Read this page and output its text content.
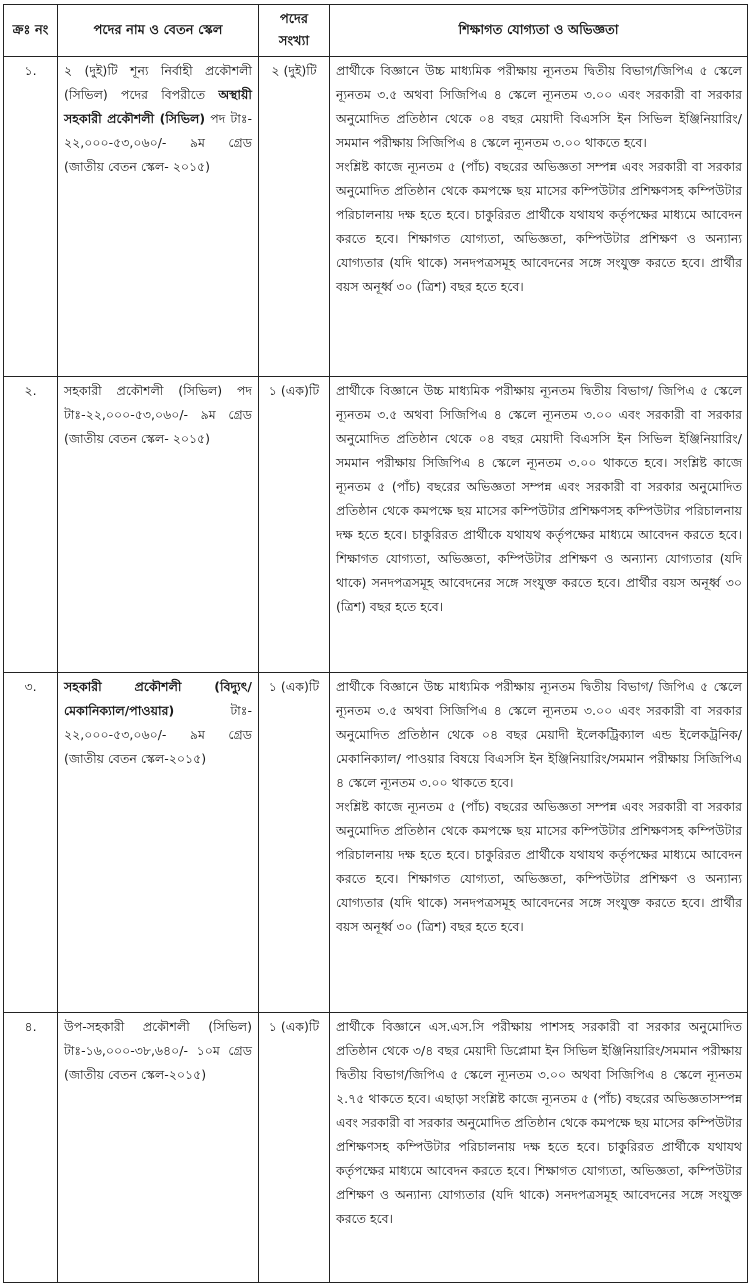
ক্রঃ নং	পদের নাম ও বেতন স্কেল	পদের সংখ্যা	শিক্ষাগত যোগ্যতা ও অভিজ্ঞতা
১.	২ (দুই)টি শূন্য নির্বাহী প্রকৌশলী (সিভিল) পদের বিপরীতে অস্থায়ী সহকারী প্রকৌশলী (সিভিল) পদ টাঃ- ২২,০০০-৫৩,০৬০/- ৯ম গ্রেড (জাতীয় বেতন স্কেল- ২০১৫)	২ (দুই)টি	প্রার্থীকে বিজ্ঞানে উচ্চ মাধ্যমিক পরীক্ষায় ন্যূনতম দ্বিতীয় বিভাগ/জিপিএ ৫ স্কেলে ন্যূনতম ৩.৫ অথবা সিজিপিএ ৪ স্কেলে ন্যূনতম ৩.০০ এবং সরকারী বা সরকার অনুমোদিত প্রতিষ্ঠান থেকে ০৪ বছর মেয়াদী বিএসসি ইন সিভিল ইঞ্জিনিয়ারিং/সমমান পরীক্ষায় সিজিপিএ ৪ স্কেলে ন্যূনতম ৩.০০ থাকতে হবে।
সংশ্লিষ্ট কাজে ন্যূনতম ৫ (পাঁচ) বছরের অভিজ্ঞতা সম্পন্ন এবং সরকারী বা সরকার অনুমোদিত প্রতিষ্ঠান থেকে কমপক্ষে ছয় মাসের কম্পিউটার প্রশিক্ষণসহ কম্পিউটার পরিচালনায় দক্ষ হতে হবে। চাকুরিরত প্রার্থীকে যথাযথ কর্তৃপক্ষের মাধ্যমে আবেদন করতে হবে। শিক্ষাগত যোগ্যতা, অভিজ্ঞতা, কম্পিউটার প্রশিক্ষণ ও অন্যান্য যোগ্যতার (যদি থাকে) সনদপত্রসমূহ আবেদনের সঙ্গে সংযুক্ত করতে হবে। প্রার্থীর বয়স অনূর্ধ্ব ৩০ (ত্রিশ) বছর হতে হবে।

২.	সহকারী প্রকৌশলী (সিভিল) পদ টাঃ-২২,০০০-৫৩,০৬০/- ৯ম গ্রেড (জাতীয় বেতন স্কেল- ২০১৫)	১ (এক)টি	প্রার্থীকে বিজ্ঞানে উচ্চ মাধ্যমিক পরীক্ষায় ন্যূনতম দ্বিতীয় বিভাগ/ জিপিএ ৫ স্কেলে ন্যূনতম ৩.৫ অথবা সিজিপিএ ৪ স্কেলে ন্যূনতম ৩.০০ এবং সরকারী বা সরকার অনুমোদিত প্রতিষ্ঠান থেকে ০৪ বছর মেয়াদী বিএসসি ইন সিভিল ইঞ্জিনিয়ারিং/সমমান পরীক্ষায় সিজিপিএ ৪ স্কেলে ন্যূনতম ৩.০০ থাকতে হবে। সংশ্লিষ্ট কাজে ন্যূনতম ৫ (পাঁচ) বছরের অভিজ্ঞতা সম্পন্ন এবং সরকারী বা সরকার অনুমোদিত প্রতিষ্ঠান থেকে কমপক্ষে ছয় মাসের কম্পিউটার প্রশিক্ষণসহ কম্পিউটার পরিচালনায় দক্ষ হতে হবে। চাকুরিরত প্রার্থীকে যথাযথ কর্তৃপক্ষের মাধ্যমে আবেদন করতে হবে। শিক্ষাগত যোগ্যতা, অভিজ্ঞতা, কম্পিউটার প্রশিক্ষণ ও অন্যান্য যোগ্যতার (যদি থাকে) সনদপত্রসমূহ আবেদনের সঙ্গে সংযুক্ত করতে হবে। প্রার্থীর বয়স অনূর্ধ্ব ৩০ (ত্রিশ) বছর হতে হবে।

৩.	সহকারী প্রকৌশলী (বিদ্যুৎ/ মেকানিক্যাল/পাওয়ার) টাঃ- ২২,০০০-৫৩,০৬০/- ৯ম গ্রেড (জাতীয় বেতন স্কেল-২০১৫)	১ (এক)টি	প্রার্থীকে বিজ্ঞানে উচ্চ মাধ্যমিক পরীক্ষায় ন্যূনতম দ্বিতীয় বিভাগ/ জিপিএ ৫ স্কেলে ন্যূনতম ৩.৫ অথবা সিজিপিএ ৪ স্কেলে ন্যূনতম ৩.০০ এবং সরকারী বা সরকার অনুমোদিত প্রতিষ্ঠান থেকে ০৪ বছর মেয়াদী ইলেকট্রিক্যাল এন্ড ইলেকট্রনিক/মেকানিক্যাল/ পাওয়ার বিষয়ে বিএসসি ইন ইঞ্জিনিয়ারিং/সমমান পরীক্ষায় সিজিপিএ ৪ স্কেলে ন্যূনতম ৩.০০ থাকতে হবে।
সংশ্লিষ্ট কাজে ন্যূনতম ৫ (পাঁচ) বছরের অভিজ্ঞতা সম্পন্ন এবং সরকারী বা সরকার অনুমোদিত প্রতিষ্ঠান থেকে কমপক্ষে ছয় মাসের কম্পিউটার প্রশিক্ষণসহ কম্পিউটার পরিচালনায় দক্ষ হতে হবে। চাকুরিরত প্রার্থীকে যথাযথ কর্তৃপক্ষের মাধ্যমে আবেদন করতে হবে। শিক্ষাগত যোগ্যতা, অভিজ্ঞতা, কম্পিউটার প্রশিক্ষণ ও অন্যান্য যোগ্যতার (যদি থাকে) সনদপত্রসমূহ আবেদনের সঙ্গে সংযুক্ত করতে হবে। প্রার্থীর বয়স অনূর্ধ্ব ৩০ (ত্রিশ) বছর হতে হবে।

৪.	উপ-সহকারী প্রকৌশলী (সিভিল) টাঃ-১৬,০০০-৩৮,৬৪০/- ১০ম গ্রেড (জাতীয় বেতন স্কেল-২০১৫)	১ (এক)টি	প্রার্থীকে বিজ্ঞানে এস.এস.সি পরীক্ষায় পাশসহ সরকারী বা সরকার অনুমোদিত প্রতিষ্ঠান থেকে ৩/৪ বছর মেয়াদী ডিপ্লোমা ইন সিভিল ইঞ্জিনিয়ারিং/সমমান পরীক্ষায় দ্বিতীয় বিভাগ/জিপিএ ৫ স্কেলে ন্যূনতম ৩.০০ অথবা সিজিপিএ ৪ স্কেলে ন্যূনতম ২.৭৫ থাকতে হবে। এছাড়া সংশ্লিষ্ট কাজে ন্যূনতম ৫ (পাঁচ) বছরের অভিজ্ঞতাসম্পন্ন এবং সরকারী বা সরকার অনুমোদিত প্রতিষ্ঠান থেকে কমপক্ষে ছয় মাসের কম্পিউটার প্রশিক্ষণসহ কম্পিউটার পরিচালনায় দক্ষ হতে হবে। চাকুরিরত প্রার্থীকে যথাযথ কর্তৃপক্ষের মাধ্যমে আবেদন করতে হবে। শিক্ষাগত যোগ্যতা, অভিজ্ঞতা, কম্পিউটার প্রশিক্ষণ ও অন্যান্য যোগ্যতার (যদি থাকে) সনদপত্রসমূহ আবেদনের সঙ্গে সংযুক্ত করতে হবে।
